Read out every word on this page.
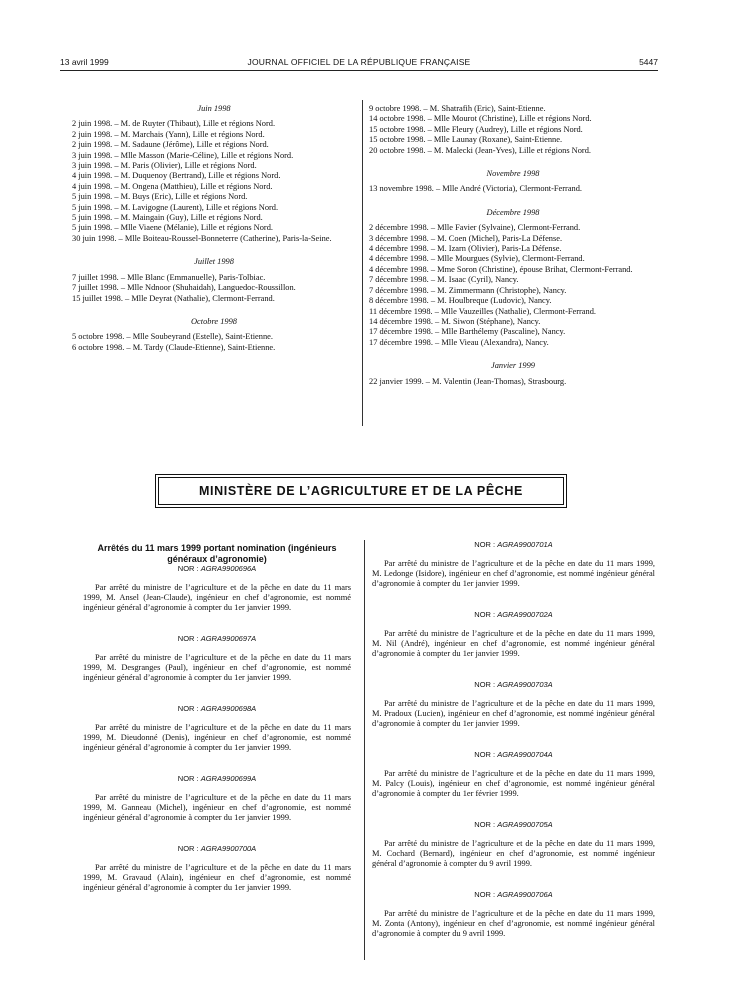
13 avril 1999	JOURNAL OFFICIEL DE LA RÉPUBLIQUE FRANÇAISE	5447
Juin 1998
2 juin 1998. – M. de Ruyter (Thibaut), Lille et régions Nord.
2 juin 1998. – M. Marchais (Yann), Lille et régions Nord.
2 juin 1998. – M. Sadaune (Jérôme), Lille et régions Nord.
3 juin 1998. – Mlle Masson (Marie-Céline), Lille et régions Nord.
3 juin 1998. – M. Paris (Olivier), Lille et régions Nord.
4 juin 1998. – M. Duquenoy (Bertrand), Lille et régions Nord.
4 juin 1998. – M. Ongena (Matthieu), Lille et régions Nord.
5 juin 1998. – M. Buys (Eric), Lille et régions Nord.
5 juin 1998. – M. Lavigogne (Laurent), Lille et régions Nord.
5 juin 1998. – M. Maingain (Guy), Lille et régions Nord.
5 juin 1998. – Mlle Viaene (Mélanie), Lille et régions Nord.
30 juin 1998. – Mlle Boiteau-Roussel-Bonneterre (Catherine), Paris-la-Seine.
Juillet 1998
7 juillet 1998. – Mlle Blanc (Emmanuelle), Paris-Tolbiac.
7 juillet 1998. – Mlle Ndnoor (Shuhaidah), Languedoc-Roussillon.
15 juillet 1998. – Mlle Deyrat (Nathalie), Clermont-Ferrand.
Octobre 1998
5 octobre 1998. – Mlle Soubeyrand (Estelle), Saint-Etienne.
6 octobre 1998. – M. Tardy (Claude-Etienne), Saint-Etienne.
9 octobre 1998. – M. Shatrafih (Eric), Saint-Etienne.
14 octobre 1998. – Mlle Mourot (Christine), Lille et régions Nord.
15 octobre 1998. – Mlle Fleury (Audrey), Lille et régions Nord.
15 octobre 1998. – Mlle Launay (Roxane), Saint-Etienne.
20 octobre 1998. – M. Malecki (Jean-Yves), Lille et régions Nord.
Novembre 1998
13 novembre 1998. – Mlle André (Victoria), Clermont-Ferrand.
Décembre 1998
2 décembre 1998. – Mlle Favier (Sylvaine), Clermont-Ferrand.
3 décembre 1998. – M. Coen (Michel), Paris-La Défense.
4 décembre 1998. – M. Izarn (Olivier), Paris-La Défense.
4 décembre 1998. – Mlle Mourgues (Sylvie), Clermont-Ferrand.
4 décembre 1998. – Mme Soron (Christine), épouse Brihat, Clermont-Ferrand.
7 décembre 1998. – M. Isaac (Cyril), Nancy.
7 décembre 1998. – M. Zimmermann (Christophe), Nancy.
8 décembre 1998. – M. Houlbreque (Ludovic), Nancy.
11 décembre 1998. – Mlle Vauzeilles (Nathalie), Clermont-Ferrand.
14 décembre 1998. – M. Siwon (Stéphane), Nancy.
17 décembre 1998. – Mlle Barthélemy (Pascaline), Nancy.
17 décembre 1998. – Mlle Vieau (Alexandra), Nancy.
Janvier 1999
22 janvier 1999. – M. Valentin (Jean-Thomas), Strasbourg.
MINISTÈRE DE L’AGRICULTURE ET DE LA PÊCHE
Arrêtés du 11 mars 1999 portant nomination (ingénieurs généraux d’agronomie)
NOR : AGRA9900696A
Par arrêté du ministre de l’agriculture et de la pêche en date du 11 mars 1999, M. Ansel (Jean-Claude), ingénieur en chef d’agronomie, est nommé ingénieur général d’agronomie à compter du 1er janvier 1999.
NOR : AGRA9900697A
Par arrêté du ministre de l’agriculture et de la pêche en date du 11 mars 1999, M. Desgranges (Paul), ingénieur en chef d’agronomie, est nommé ingénieur général d’agronomie à compter du 1er janvier 1999.
NOR : AGRA9900698A
Par arrêté du ministre de l’agriculture et de la pêche en date du 11 mars 1999, M. Dieudonné (Denis), ingénieur en chef d’agronomie, est nommé ingénieur général d’agronomie à compter du 1er janvier 1999.
NOR : AGRA9900699A
Par arrêté du ministre de l’agriculture et de la pêche en date du 11 mars 1999, M. Ganneau (Michel), ingénieur en chef d’agronomie, est nommé ingénieur général d’agronomie à compter du 1er janvier 1999.
NOR : AGRA9900700A
Par arrêté du ministre de l’agriculture et de la pêche en date du 11 mars 1999, M. Gravaud (Alain), ingénieur en chef d’agronomie, est nommé ingénieur général d’agronomie à compter du 1er janvier 1999.
NOR : AGRA9900701A
Par arrêté du ministre de l’agriculture et de la pêche en date du 11 mars 1999, M. Ledonge (Isidore), ingénieur en chef d’agronomie, est nommé ingénieur général d’agronomie à compter du 1er janvier 1999.
NOR : AGRA9900702A
Par arrêté du ministre de l’agriculture et de la pêche en date du 11 mars 1999, M. Nil (André), ingénieur en chef d’agronomie, est nommé ingénieur général d’agronomie à compter du 1er janvier 1999.
NOR : AGRA9900703A
Par arrêté du ministre de l’agriculture et de la pêche en date du 11 mars 1999, M. Pradoux (Lucien), ingénieur en chef d’agronomie, est nommé ingénieur général d’agronomie à compter du 1er janvier 1999.
NOR : AGRA9900704A
Par arrêté du ministre de l’agriculture et de la pêche en date du 11 mars 1999, M. Palcy (Louis), ingénieur en chef d’agronomie, est nommé ingénieur général d’agronomie à compter du 1er février 1999.
NOR : AGRA9900705A
Par arrêté du ministre de l’agriculture et de la pêche en date du 11 mars 1999, M. Cochard (Bernard), ingénieur en chef d’agronomie, est nommé ingénieur général d’agronomie à compter du 9 avril 1999.
NOR : AGRA9900706A
Par arrêté du ministre de l’agriculture et de la pêche en date du 11 mars 1999, M. Zonta (Antony), ingénieur en chef d’agronomie, est nommé ingénieur général d’agronomie à compter du 9 avril 1999.
